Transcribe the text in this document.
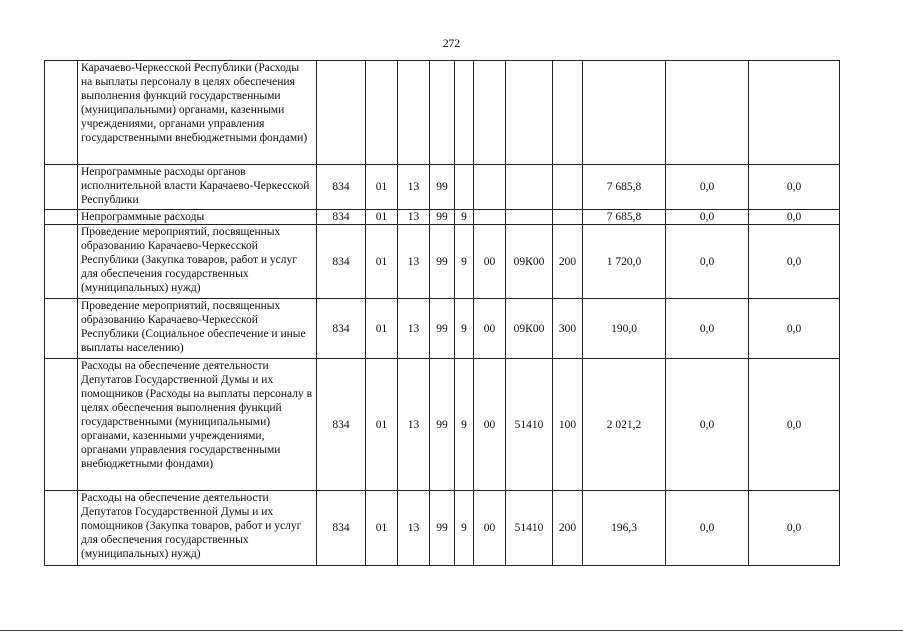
272
	Карачаево-Черкесской Республики (Расходы на выплаты персоналу в целях обеспечения выполнения функций государственными (муниципальными) органами, казенными учреждениями, органами управления государственными внебюджетными фондами)											
	Непрограммные расходы органов исполнительной власти Карачаево-Черкесской Республики	834	01	13	99					7 685,8	0,0	0,0
	Непрограммные расходы	834	01	13	99	9				7 685,8	0,0	0,0
	Проведение мероприятий, посвященных образованию Карачаево-Черкесской Республики (Закупка товаров, работ и услуг для обеспечения государственных (муниципальных) нужд)	834	01	13	99	9	00	09К00	200	1 720,0	0,0	0,0
	Проведение мероприятий, посвященных образованию Карачаево-Черкесской Республики (Социальное обеспечение и иные выплаты населению)	834	01	13	99	9	00	09К00	300	190,0	0,0	0,0
	Расходы на обеспечение деятельности Депутатов Государственной Думы и их помощников (Расходы на выплаты персоналу в целях обеспечения выполнения функций государственными (муниципальными) органами, казенными учреждениями, органами управления государственными внебюджетными фондами)	834	01	13	99	9	00	51410	100	2 021,2	0,0	0,0
	Расходы на обеспечение деятельности Депутатов Государственной Думы и их помощников (Закупка товаров, работ и услуг для обеспечения государственных (муниципальных) нужд)	834	01	13	99	9	00	51410	200	196,3	0,0	0,0
